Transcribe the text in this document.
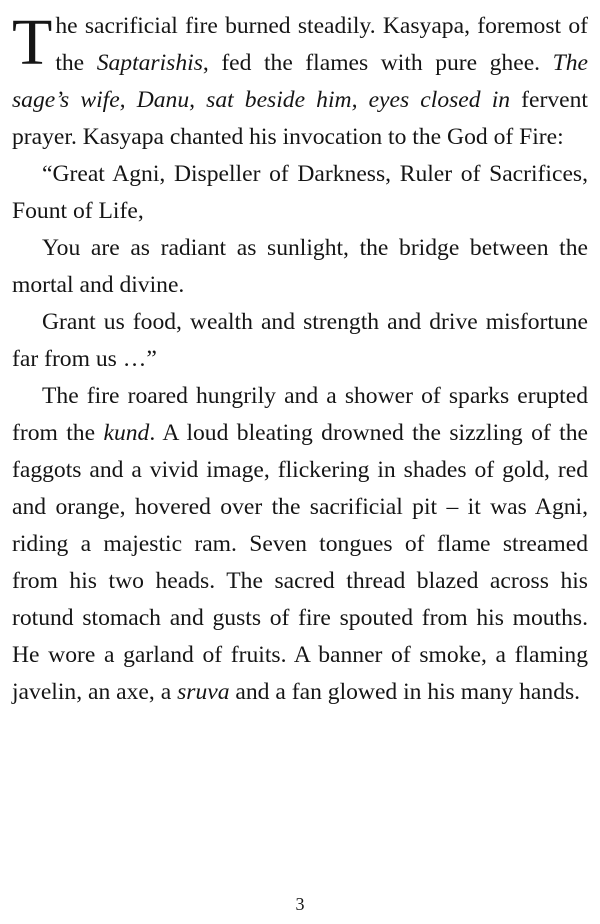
The sacrificial fire burned steadily. Kasyapa, foremost of the Saptarishis, fed the flames with pure ghee. The sage’s wife, Danu, sat beside him, eyes closed in fervent prayer. Kasyapa chanted his invocation to the God of Fire:

“Great Agni, Dispeller of Darkness, Ruler of Sacrifices, Fount of Life,

You are as radiant as sunlight, the bridge between the mortal and divine.

Grant us food, wealth and strength and drive misfortune far from us …”

The fire roared hungrily and a shower of sparks erupted from the kund. A loud bleating drowned the sizzling of the faggots and a vivid image, flickering in shades of gold, red and orange, hovered over the sacrificial pit – it was Agni, riding a majestic ram. Seven tongues of flame streamed from his two heads. The sacred thread blazed across his rotund stomach and gusts of fire spouted from his mouths. He wore a garland of fruits. A banner of smoke, a flaming javelin, an axe, a sruva and a fan glowed in his many hands.

3
